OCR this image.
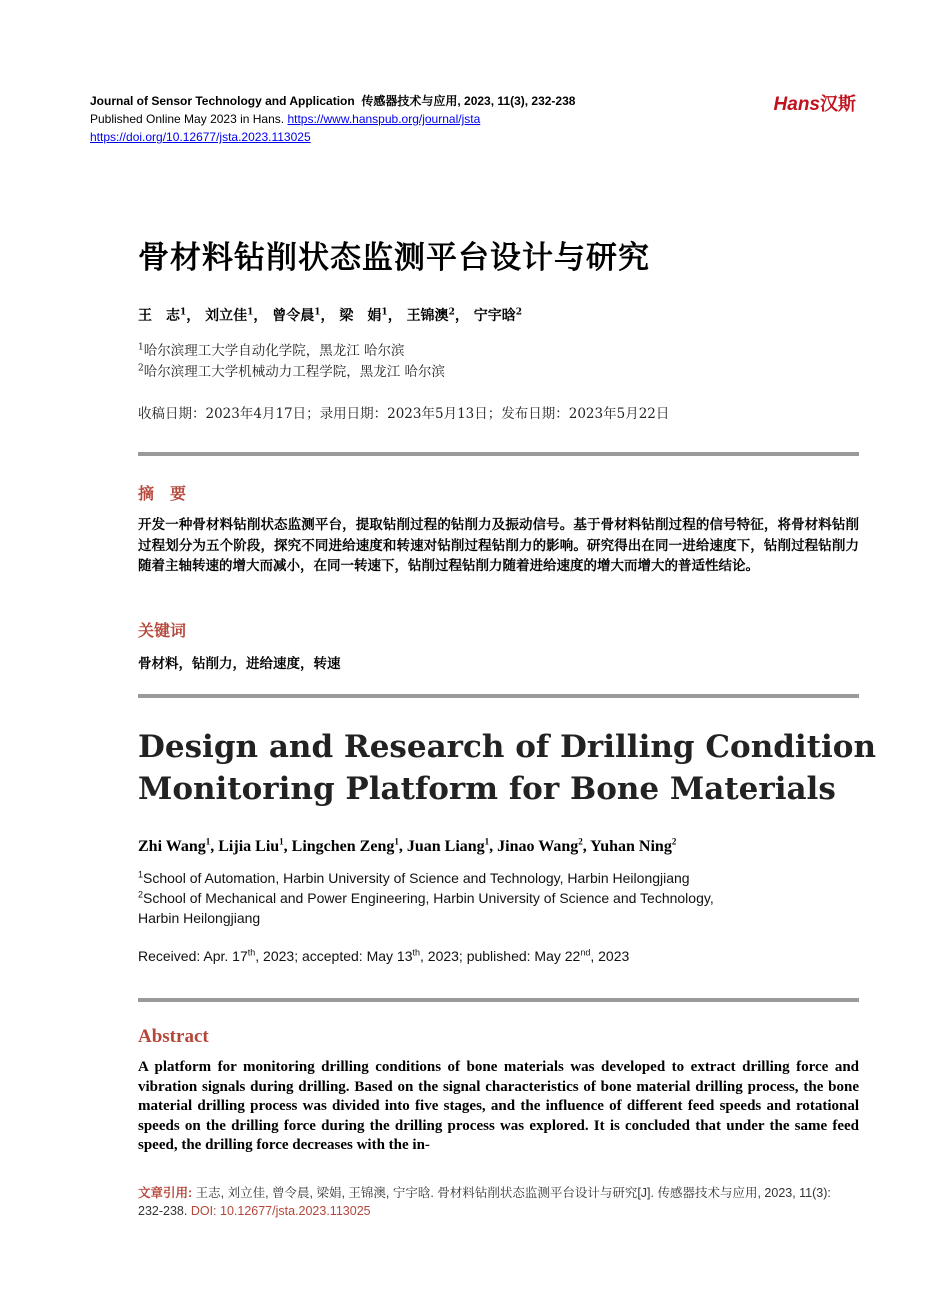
Journal of Sensor Technology and Application 传感器技术与应用, 2023, 11(3), 232-238
Published Online May 2023 in Hans. https://www.hanspub.org/journal/jsta
https://doi.org/10.12677/jsta.2023.113025
Hans汉斯
骨材料钻削状态监测平台设计与研究
王　志$^1$， 刘立佳$^1$， 曾令晨$^1$， 梁　娟$^1$， 王锦澳$^2$， 宁宇晗$^2$
$^1$哈尔滨理工大学自动化学院，黑龙江 哈尔滨
$^2$哈尔滨理工大学机械动力工程学院，黑龙江 哈尔滨
收稿日期：2023年4月17日；录用日期：2023年5月13日；发布日期：2023年5月22日
摘　要
开发一种骨材料钻削状态监测平台，提取钻削过程的钻削力及振动信号。基于骨材料钻削过程的信号特征，将骨材料钻削过程划分为五个阶段，探究不同进给速度和转速对钻削过程钻削力的影响。研究得出在同一进给速度下，钻削过程钻削力随着主轴转速的增大而减小，在同一转速下，钻削过程钻削力随着进给速度的增大而增大的普适性结论。
关键词
骨材料，钻削力，进给速度，转速
Design and Research of Drilling Condition
Monitoring Platform for Bone Materials
Zhi Wang$^1$, Lijia Liu$^1$, Lingchen Zeng$^1$, Juan Liang$^1$, Jinao Wang$^2$, Yuhan Ning$^2$
$^1$School of Automation, Harbin University of Science and Technology, Harbin Heilongjiang
$^2$School of Mechanical and Power Engineering, Harbin University of Science and Technology,
Harbin Heilongjiang
Received: Apr. 17th, 2023; accepted: May 13th, 2023; published: May 22nd, 2023
Abstract
A platform for monitoring drilling conditions of bone materials was developed to extract drilling force and vibration signals during drilling. Based on the signal characteristics of bone material drilling process, the bone material drilling process was divided into five stages, and the influence of different feed speeds and rotational speeds on the drilling force during the drilling process was explored. It is concluded that under the same feed speed, the drilling force decreases with the in-
文章引用: 王志, 刘立佳, 曾令晨, 梁娟, 王锦澳, 宁宇晗. 骨材料钻削状态监测平台设计与研究[J]. 传感器技术与应用, 2023, 11(3): 232-238. DOI: 10.12677/jsta.2023.113025
